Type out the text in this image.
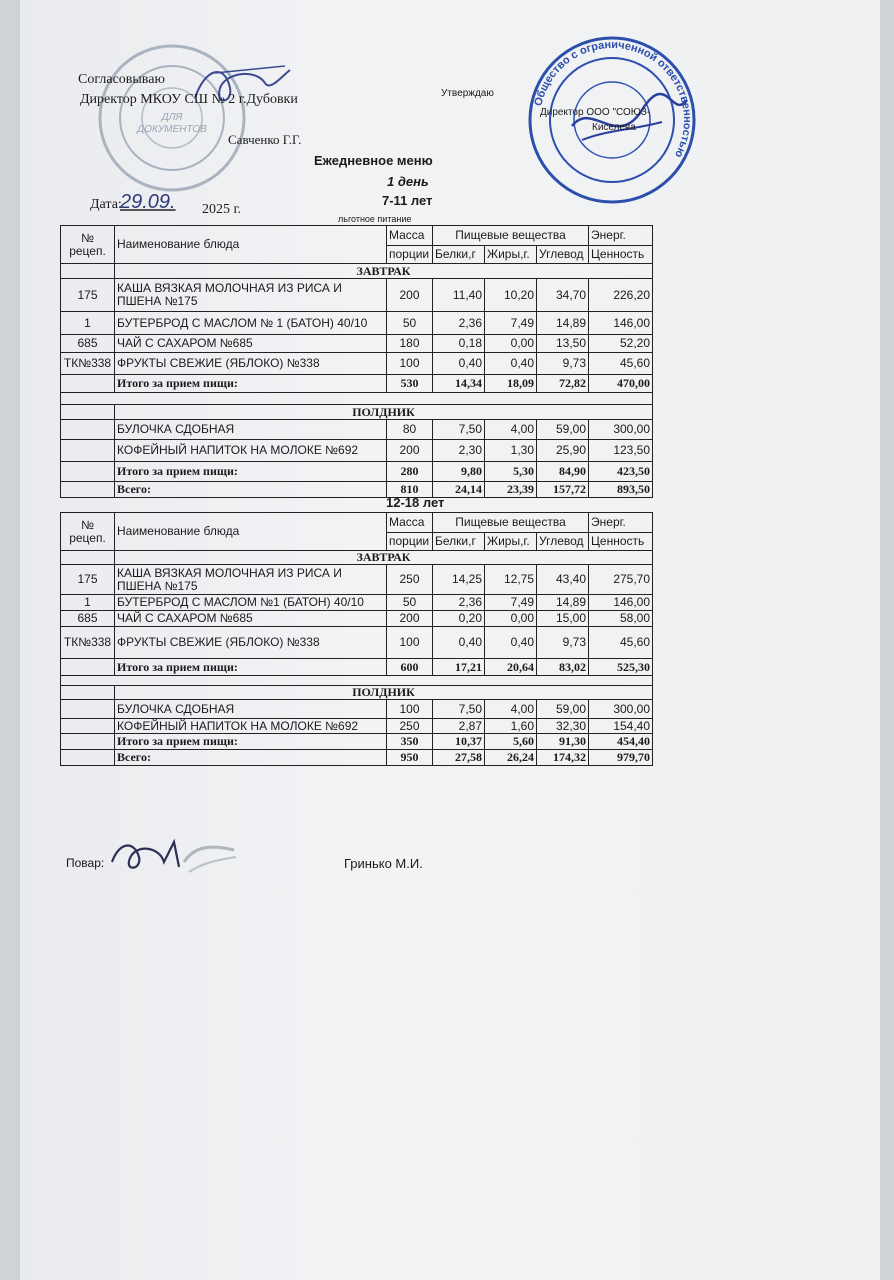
ДЛЯ
ДОКУМЕНТОВ
Общество с ограниченной ответственностью
Согласовываю
Директор МКОУ СШ № 2 г.Дубовки
Савченко Г.Г.
Утверждаю
Директор ООО "СОЮЗ-
Киселева
Ежедневное меню
1 день
7-11 лет
Дата:
29.09. 2025 г.
льготное питание
№
рецеп.	Наименование блюда	Масса	Пищевые вещества			Энерг.
		порции	Белки,г	Жиры,г.	Углевод	Ценность
	ЗАВТРАК					
175	КАША ВЯЗКАЯ МОЛОЧНАЯ ИЗ РИСА И ПШЕНА №175	200	11,40	10,20	34,70	226,20
1	БУТЕРБРОД С МАСЛОМ № 1 (БАТОН) 40/10	50	2,36	7,49	14,89	146,00
685	ЧАЙ С САХАРОМ №685	180	0,18	0,00	13,50	52,20
ТК№338	ФРУКТЫ СВЕЖИЕ (ЯБЛОКО) №338	100	0,40	0,40	9,73	45,60
	Итого за прием пищи:	530	14,34	18,09	72,82	470,00

	ПОЛДНИК					
	БУЛОЧКА СДОБНАЯ	80	7,50	4,00	59,00	300,00
	КОФЕЙНЫЙ НАПИТОК НА МОЛОКЕ №692	200	2,30	1,30	25,90	123,50
	Итого за прием пищи:	280	9,80	5,30	84,90	423,50
	Всего:	810	24,14	23,39	157,72	893,50
12-18 лет
№
рецеп.	Наименование блюда	Масса	Пищевые вещества			Энерг.
		порции	Белки,г	Жиры,г.	Углевод	Ценность
	ЗАВТРАК					
175	КАША ВЯЗКАЯ МОЛОЧНАЯ ИЗ РИСА И ПШЕНА №175	250	14,25	12,75	43,40	275,70
1	БУТЕРБРОД С МАСЛОМ №1 (БАТОН) 40/10	50	2,36	7,49	14,89	146,00
685	ЧАЙ С САХАРОМ №685	200	0,20	0,00	15,00	58,00
ТК№338	ФРУКТЫ СВЕЖИЕ (ЯБЛОКО) №338	100	0,40	0,40	9,73	45,60
	Итого за прием пищи:	600	17,21	20,64	83,02	525,30

	ПОЛДНИК					
	БУЛОЧКА СДОБНАЯ	100	7,50	4,00	59,00	300,00
	КОФЕЙНЫЙ НАПИТОК НА МОЛОКЕ №692	250	2,87	1,60	32,30	154,40
	Итого за прием пищи:	350	10,37	5,60	91,30	454,40
	Всего:	950	27,58	26,24	174,32	979,70
Повар:	Гринько М.И.
